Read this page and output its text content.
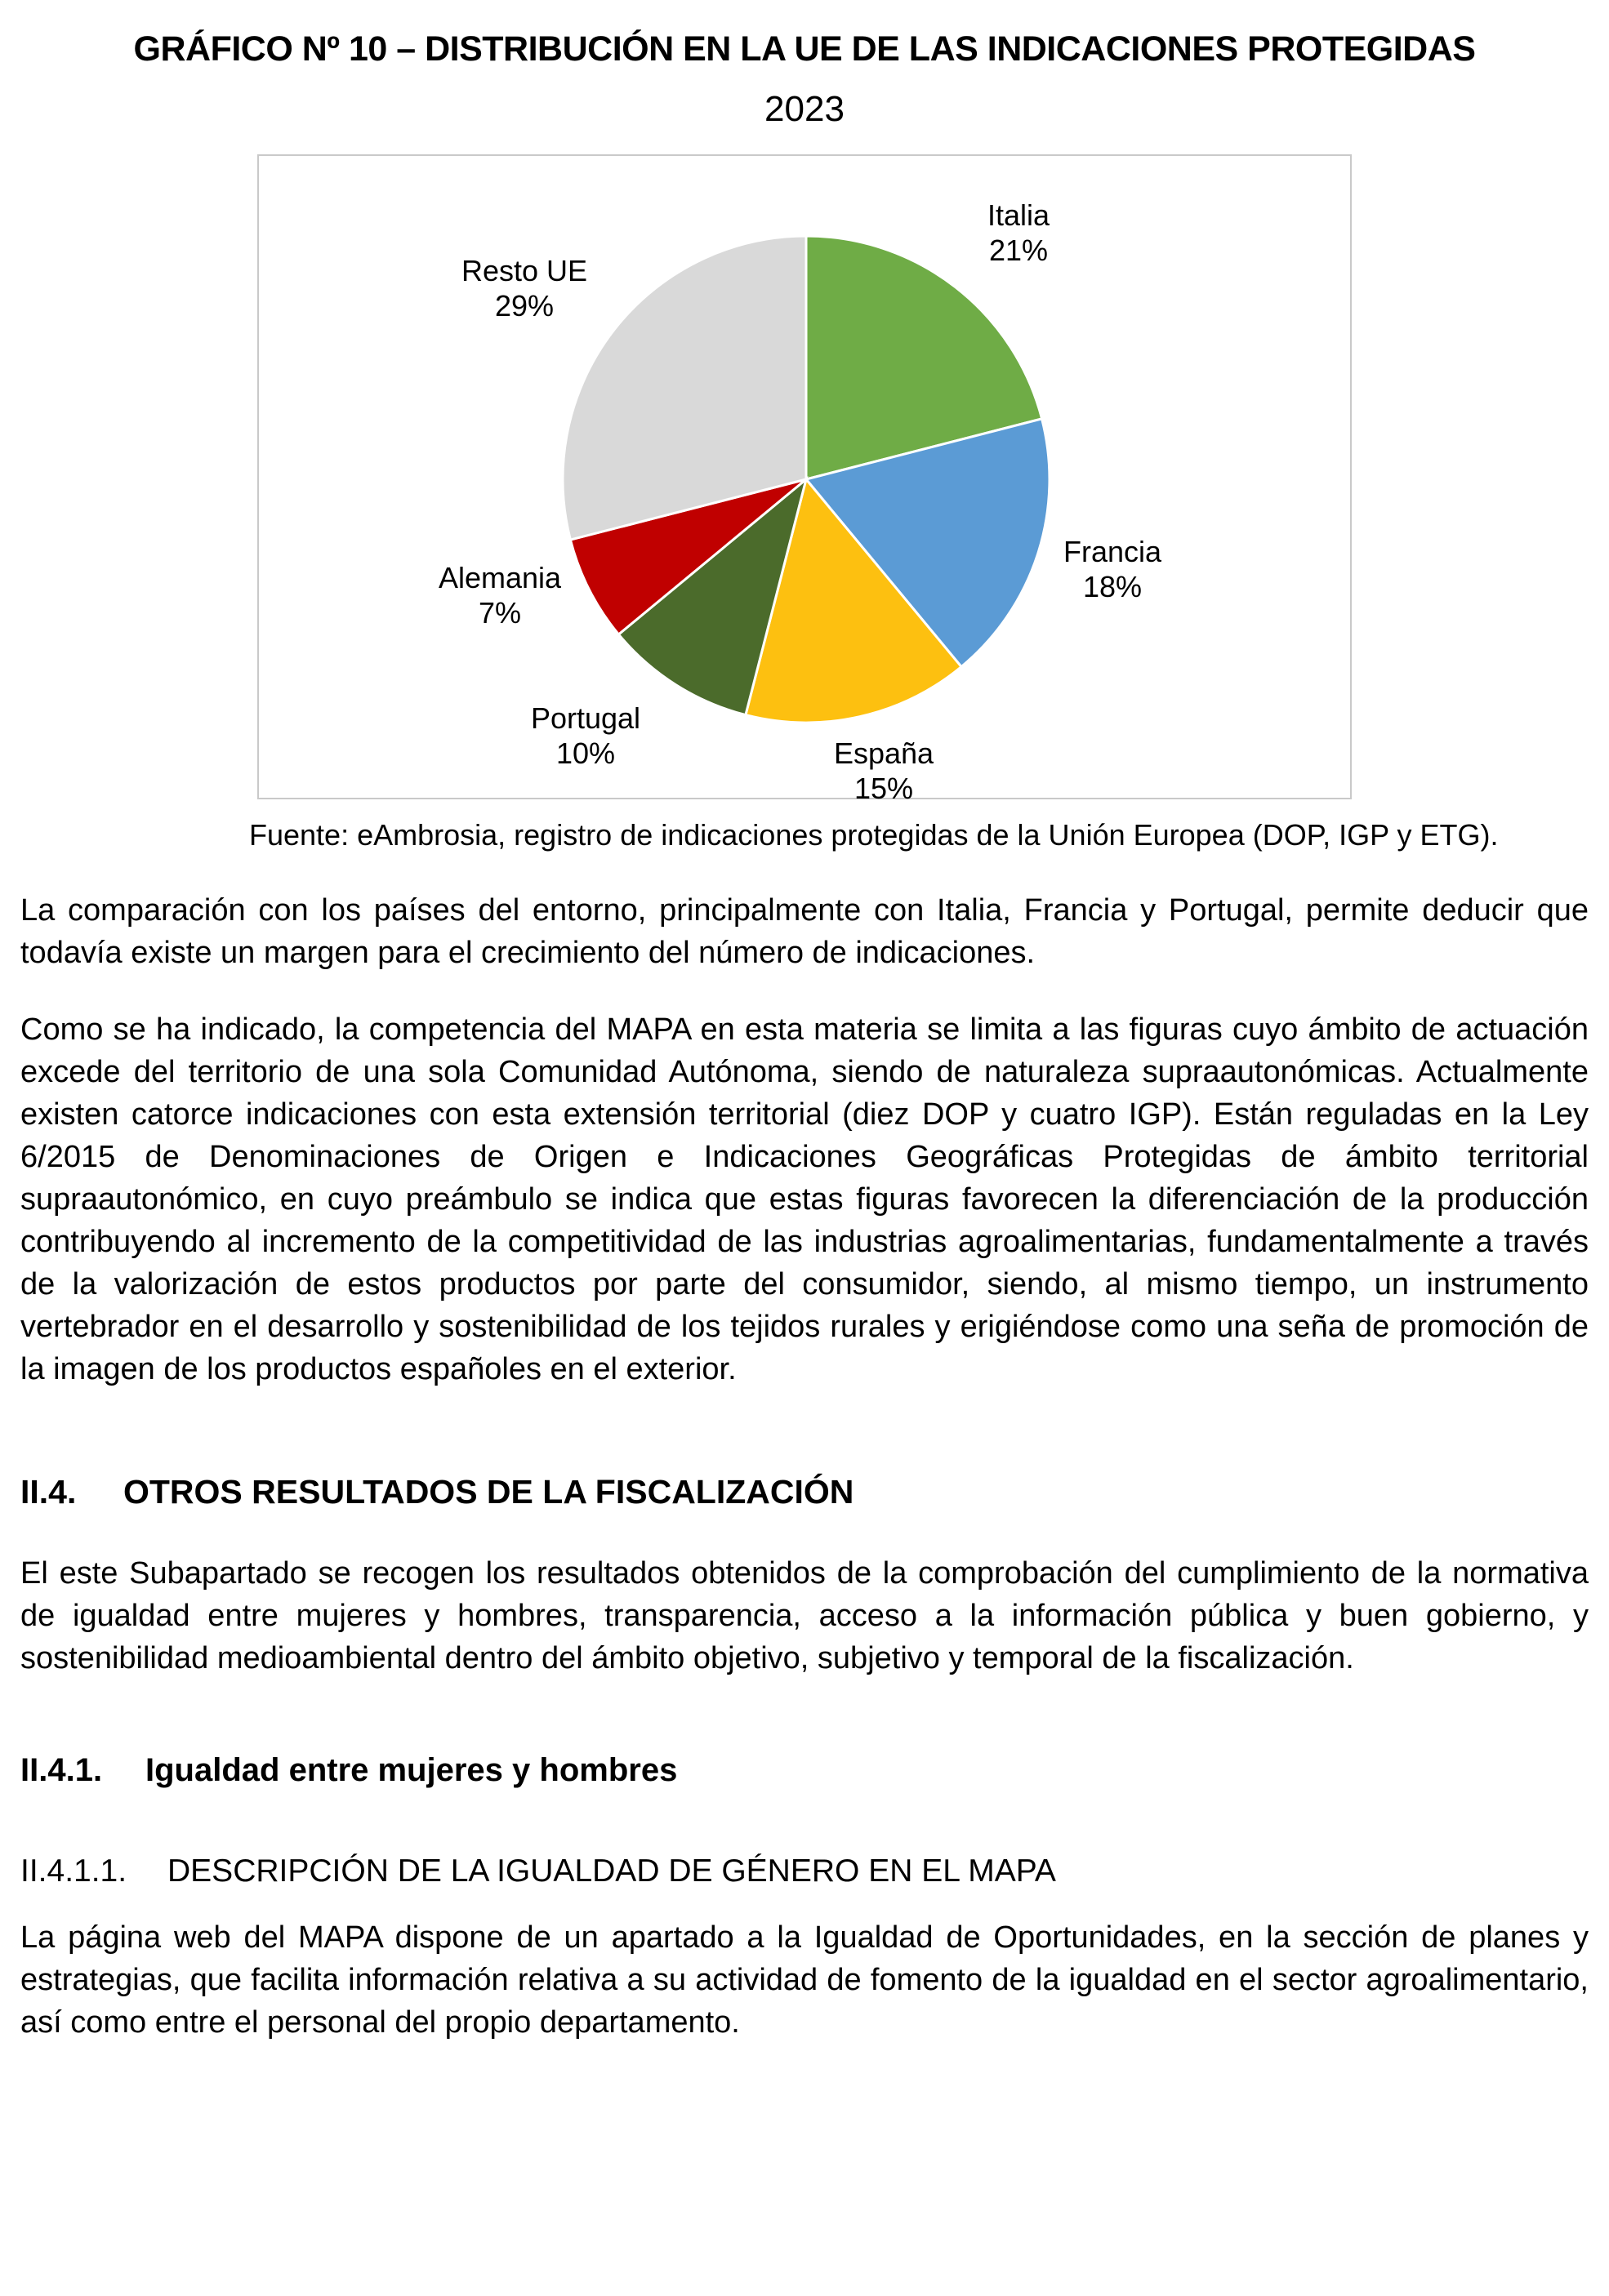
GRÁFICO Nº 10 – DISTRIBUCIÓN EN LA UE DE LAS INDICACIONES PROTEGIDAS
2023
Italia
21%
Francia
18%
España
15%
Portugal
10%
Alemania
7%
Resto UE
29%
Fuente: eAmbrosia, registro de indicaciones protegidas de la Unión Europea (DOP, IGP y ETG).

La comparación con los países del entorno, principalmente con Italia, Francia y Portugal, permite deducir que todavía existe un margen para el crecimiento del número de indicaciones.

Como se ha indicado, la competencia del MAPA en esta materia se limita a las figuras cuyo ámbito de actuación excede del territorio de una sola Comunidad Autónoma, siendo de naturaleza supraautonómicas. Actualmente existen catorce indicaciones con esta extensión territorial (diez DOP y cuatro IGP). Están reguladas en la Ley 6/2015 de Denominaciones de Origen e Indicaciones Geográficas Protegidas de ámbito territorial supraautonómico, en cuyo preámbulo se indica que estas figuras favorecen la diferenciación de la producción contribuyendo al incremento de la competitividad de las industrias agroalimentarias, fundamentalmente a través de la valorización de estos productos por parte del consumidor, siendo, al mismo tiempo, un instrumento vertebrador en el desarrollo y sostenibilidad de los tejidos rurales y erigiéndose como una seña de promoción de la imagen de los productos españoles en el exterior.

II.4. OTROS RESULTADOS DE LA FISCALIZACIÓN

El este Subapartado se recogen los resultados obtenidos de la comprobación del cumplimiento de la normativa de igualdad entre mujeres y hombres, transparencia, acceso a la información pública y buen gobierno, y sostenibilidad medioambiental dentro del ámbito objetivo, subjetivo y temporal de la fiscalización.

II.4.1. Igualdad entre mujeres y hombres
II.4.1.1. DESCRIPCIÓN DE LA IGUALDAD DE GÉNERO EN EL MAPA

La página web del MAPA dispone de un apartado a la Igualdad de Oportunidades, en la sección de planes y estrategias, que facilita información relativa a su actividad de fomento de la igualdad en el sector agroalimentario, así como entre el personal del propio departamento.
